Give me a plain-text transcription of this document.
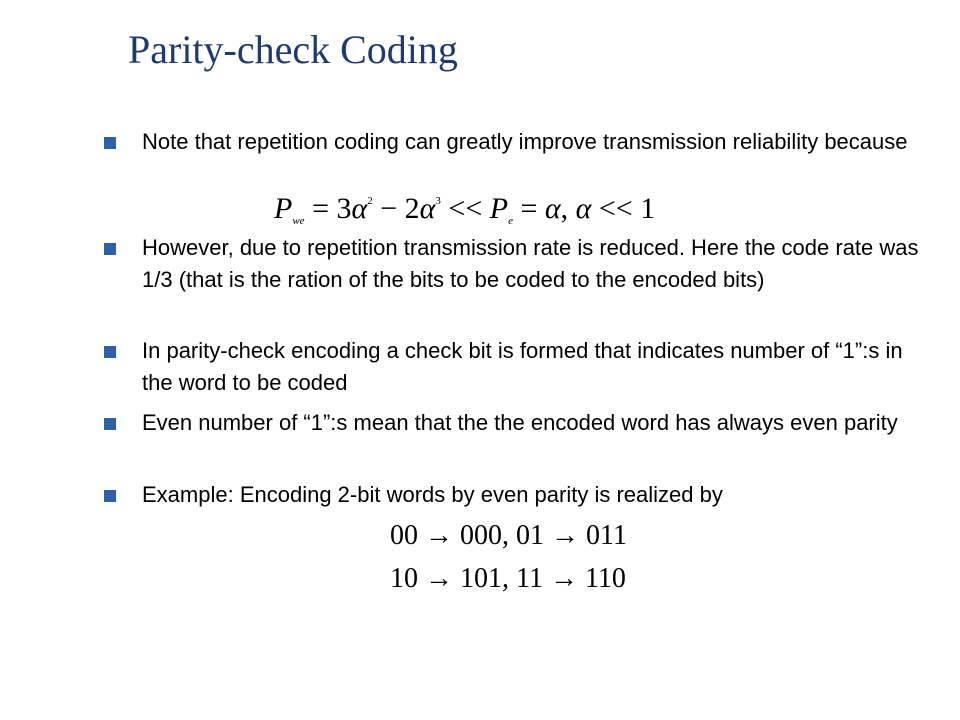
Parity-check Coding
Note that repetition coding can greatly improve transmission reliability because
$P_{we} = 3\alpha^2 - 2\alpha^3 << P_e = \alpha$, α << 1
However, due to repetition transmission rate is reduced. Here the code rate was 1/3 (that is the ration of the bits to be coded to the encoded bits)
In parity-check encoding a check bit is formed that indicates number of “1”:s in the word to be coded
Even number of “1”:s mean that the the encoded word has always even parity
Example: Encoding 2-bit words by even parity is realized by
00 → 000, 01 → 011
10 → 101, 11 → 110
